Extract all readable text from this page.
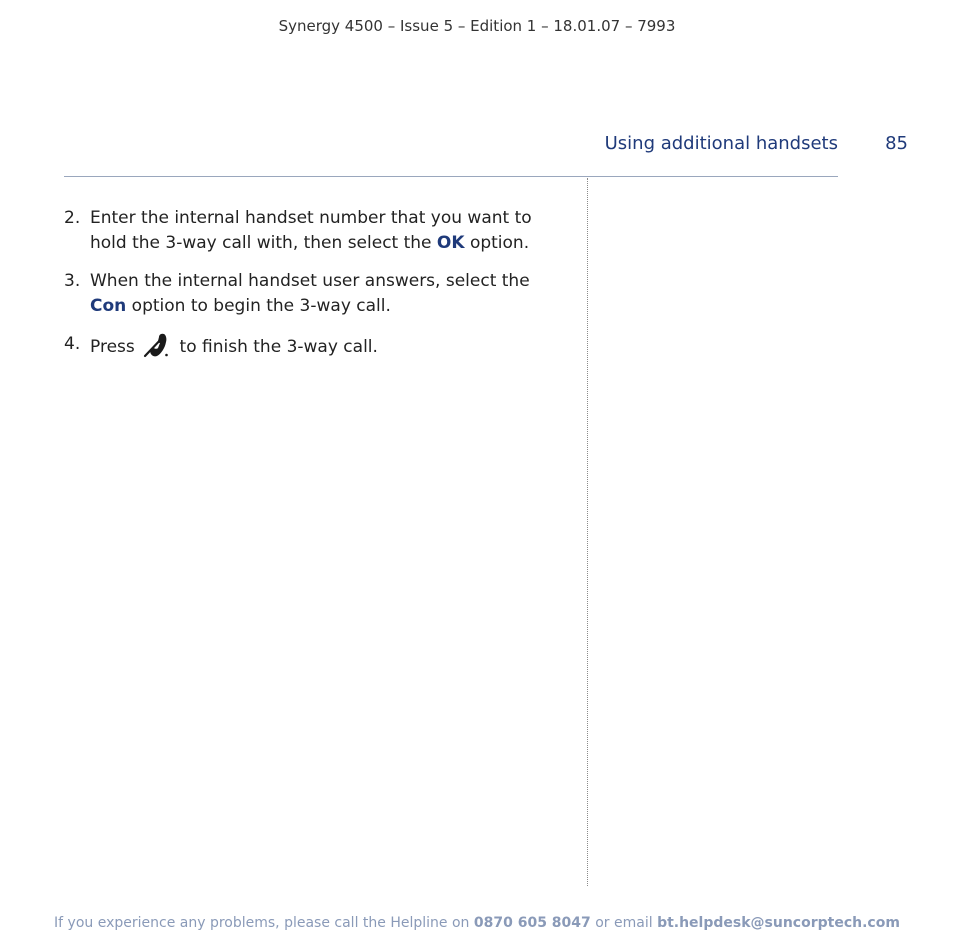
Synergy 4500 – Issue 5 – Edition 1 – 18.01.07 – 7993
Using additional handsets	85
2. Enter the internal handset number that you want to hold the 3-way call with, then select the OK option.
3. When the internal handset user answers, select the Con option to begin the 3-way call.
4. Press  to finish the 3-way call.
If you experience any problems, please call the Helpline on 0870 605 8047 or email bt.helpdesk@suncorptech.com
